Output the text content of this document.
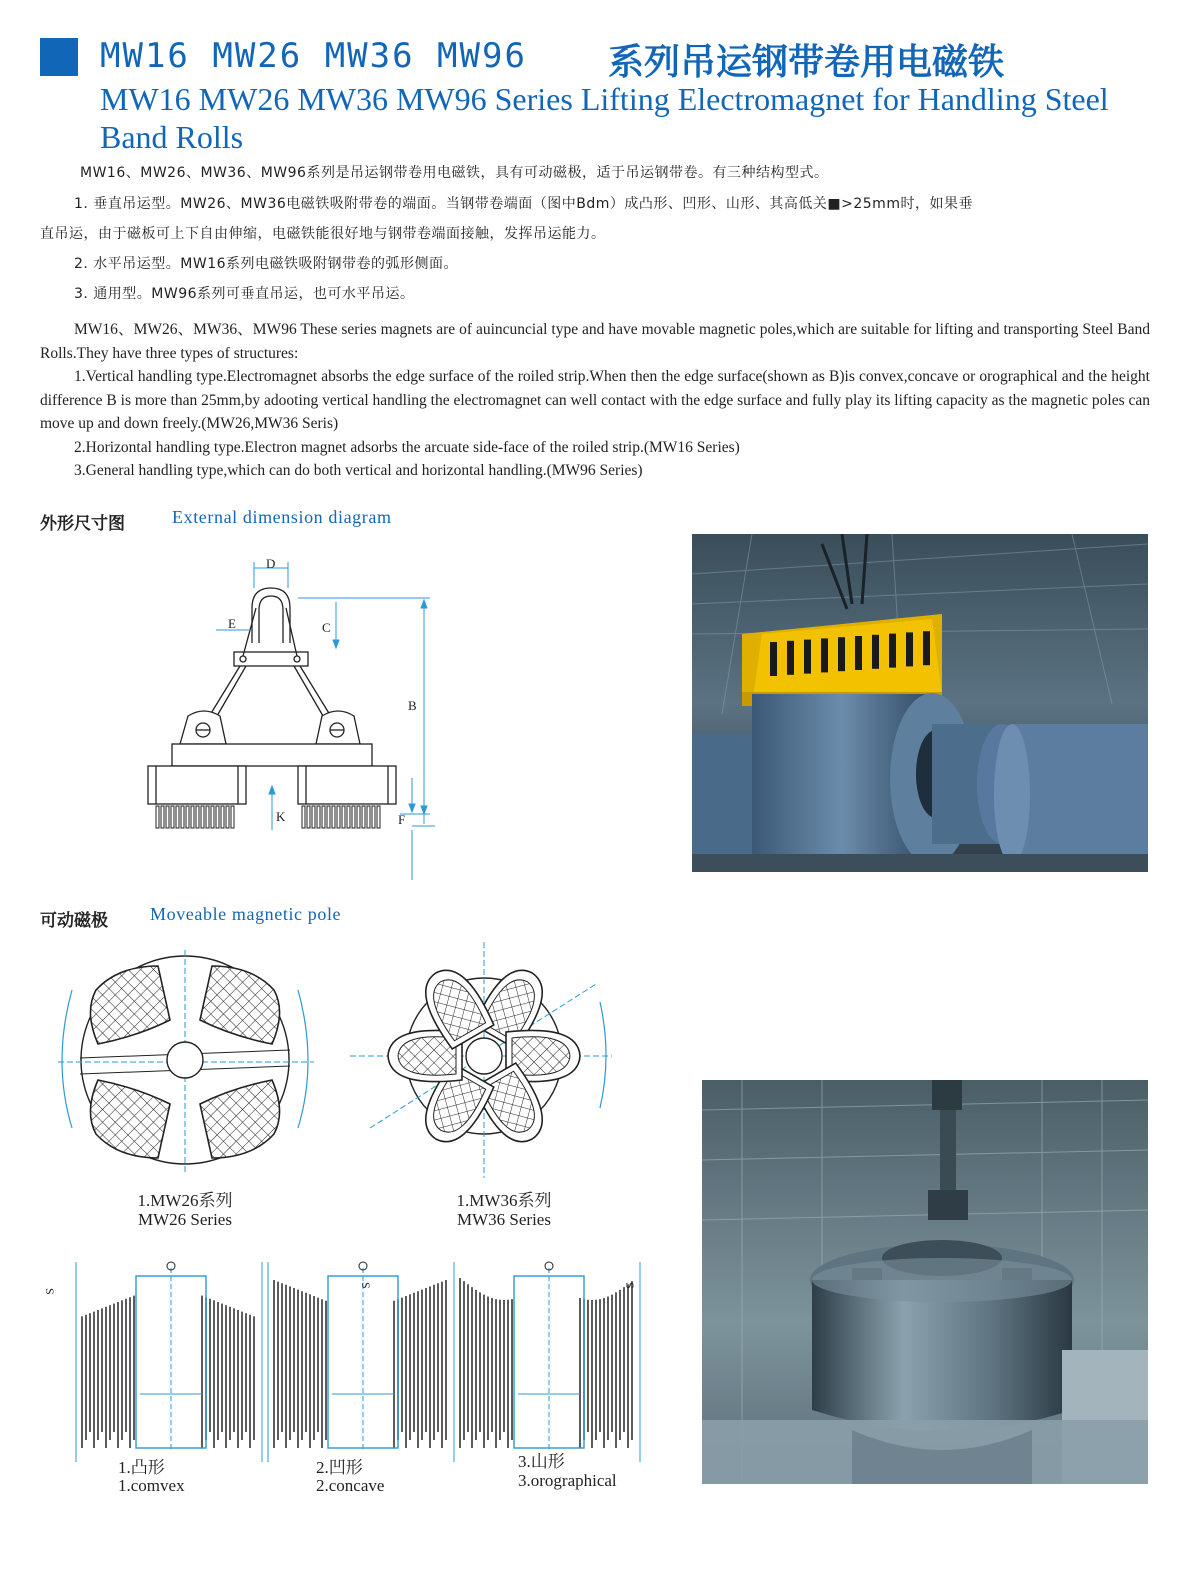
MW16 MW26 MW36 MW96 系列吊运钢带卷用电磁铁
MW16 MW26 MW36 MW96 Series Lifting Electromagnet for Handling Steel Band Rolls
MW16、MW26、MW36、MW96系列是吊运钢带卷用电磁铁，具有可动磁极，适于吊运钢带卷。有三种结构型式。
1. 垂直吊运型。MW26、MW36电磁铁吸附带卷的端面。当钢带卷端面（图中Bdm）成凸形、凹形、山形、其高低关■>25mm时，如果垂
直吊运，由于磁板可上下自由伸缩，电磁铁能很好地与钢带卷端面接触，发挥吊运能力。
2. 水平吊运型。MW16系列电磁铁吸附钢带卷的弧形侧面。
3. 通用型。MW96系列可垂直吊运，也可水平吊运。

MW16、MW26、MW36、MW96 These series magnets are of auincuncial type and have movable magnetic poles,which are suitable for lifting and transporting Steel Band Rolls.They have three types of structures:

1.Vertical handling type.Electromagnet absorbs the edge surface of the roiled strip.When then the edge surface(shown as B)is convex,concave or orographical and the height difference B is more than 25mm,by adooting vertical handling the electromagnet can well contact with the edge surface and fully play its lifting capacity as the magnetic poles can move up and down freely.(MW26,MW36 Seris)

2.Horizontal handling type.Electron magnet adsorbs the arcuate side-face of the roiled strip.(MW16 Series)

3.General handling type,which can do both vertical and horizontal handling.(MW96 Series)

外形尺寸图	External dimension diagram
D
E	C
B
K	F
可动磁极 Moveable magnetic pole
1.MW26系列
MW26 Series
1.MW36系列
MW36 Series
S
S	S
1.凸形
1.comvex
2.凹形
2.concave
3.山形
3.orographical
